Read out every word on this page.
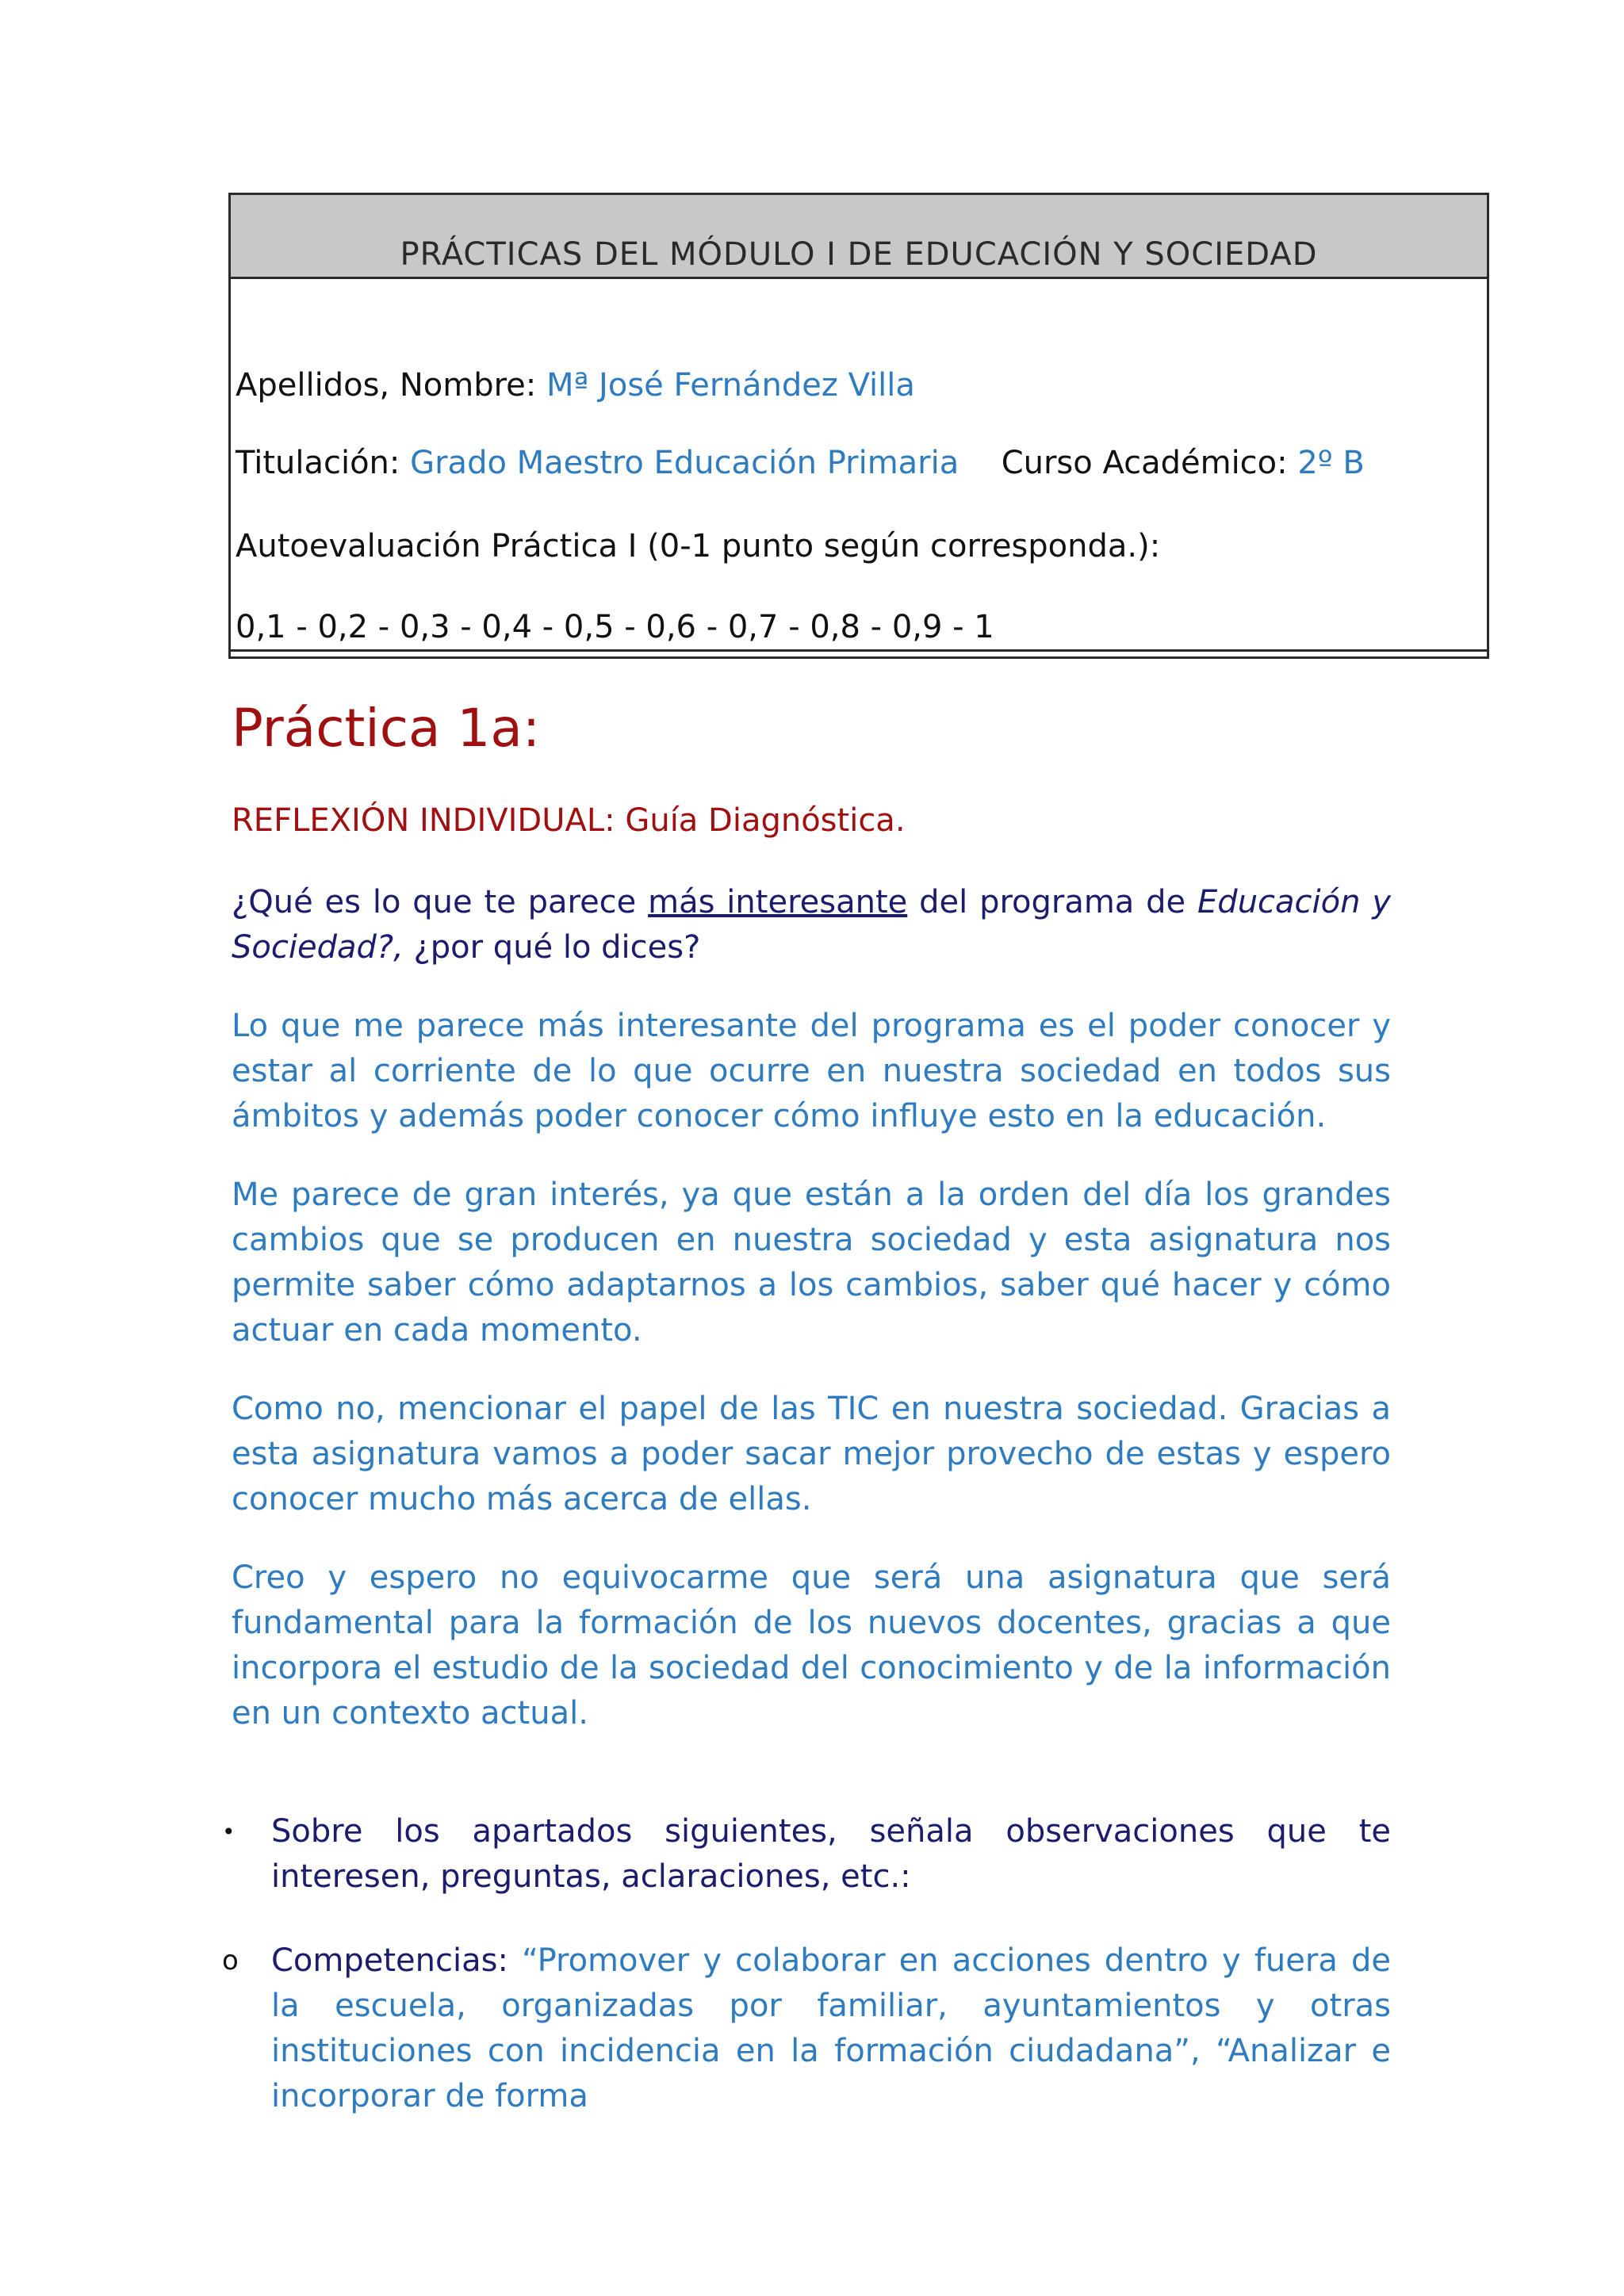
PRÁCTICAS DEL MÓDULO I DE EDUCACIÓN Y SOCIEDAD
Apellidos, Nombre: Mª José Fernández Villa
Titulación: Grado Maestro Educación Primaria Curso Académico: 2º B
Autoevaluación Práctica I (0-1 punto según corresponda.):
0,1 - 0,2 - 0,3 - 0,4 - 0,5 - 0,6 - 0,7 - 0,8 - 0,9 - 1
Práctica 1a:
REFLEXIÓN INDIVIDUAL: Guía Diagnóstica.

¿Qué es lo que te parece más interesante del programa de Educación y Sociedad?, ¿por qué lo dices?

Lo que me parece más interesante del programa es el poder conocer y estar al corriente de lo que ocurre en nuestra sociedad en todos sus ámbitos y además poder conocer cómo influye esto en la educación.

Me parece de gran interés, ya que están a la orden del día los grandes cambios que se producen en nuestra sociedad y esta asignatura nos permite saber cómo adaptarnos a los cambios, saber qué hacer y cómo actuar en cada momento.

Como no, mencionar el papel de las TIC en nuestra sociedad. Gracias a esta asignatura vamos a poder sacar mejor provecho de estas y espero conocer mucho más acerca de ellas.

Creo y espero no equivocarme que será una asignatura que será fundamental para la formación de los nuevos docentes, gracias a que incorpora el estudio de la sociedad del conocimiento y de la información en un contexto actual.

• Sobre los apartados siguientes, señala observaciones que te interesen, preguntas, aclaraciones, etc.:

o Competencias: “Promover y colaborar en acciones dentro y fuera de la escuela, organizadas por familiar, ayuntamientos y otras instituciones con incidencia en la formación ciudadana”, “Analizar e incorporar de forma
